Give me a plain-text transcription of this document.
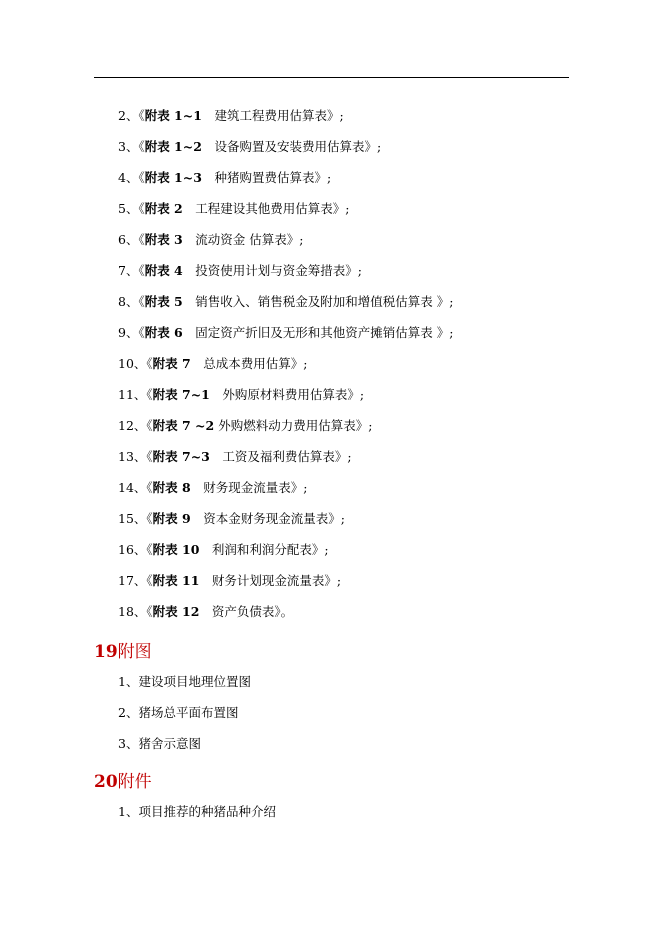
2、《附表 1~1　建筑工程费用估算表》;
3、《附表 1~2　设备购置及安装费用估算表》;
4、《附表 1~3　种猪购置费估算表》;
5、《附表 2　工程建设其他费用估算表》;
6、《附表 3　流动资金 估算表》;
7、《附表 4　投资使用计划与资金筹措表》;
8、《附表 5　销售收入、销售税金及附加和增值税估算表 》;
9、《附表 6　固定资产折旧及无形和其他资产摊销估算表 》;
10、《附表 7　总成本费用估算》;
11、《附表 7~1　外购原材料费用估算表》;
12、《附表 7 ~2 外购燃料动力费用估算表》;
13、《附表 7~3　工资及福利费估算表》;
14、《附表 8　财务现金流量表》;
15、《附表 9　资本金财务现金流量表》;
16、《附表 10　利润和利润分配表》;
17、《附表 11　财务计划现金流量表》;
18、《附表 12　资产负债表》。
19附图
1、建设项目地理位置图
2、猪场总平面布置图
3、猪舍示意图
20附件
1、项目推荐的种猪品种介绍
